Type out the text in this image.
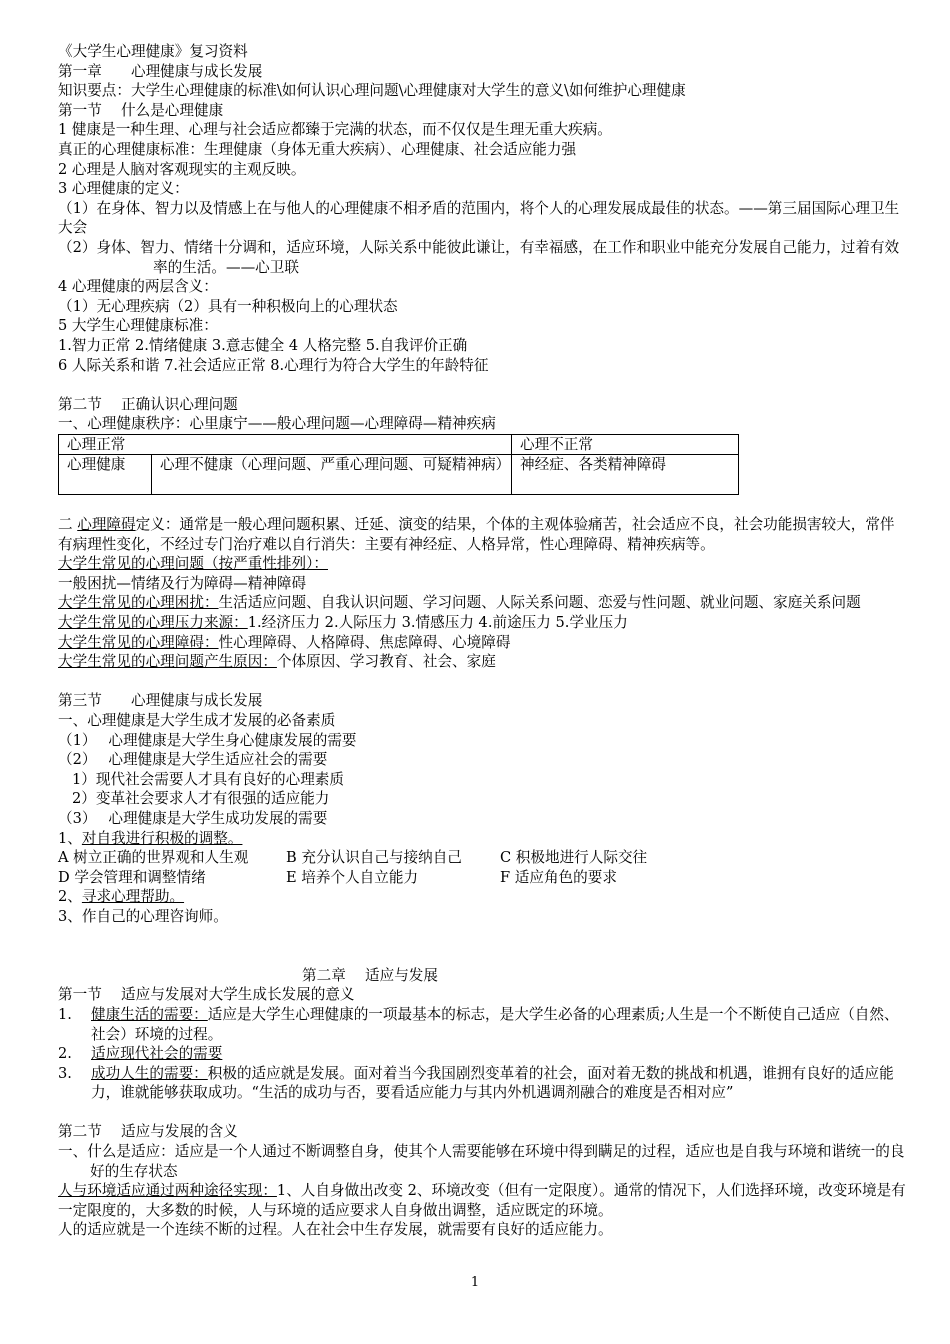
《大学生心理健康》复习资料
第一章　　心理健康与成长发展
知识要点：大学生心理健康的标准\如何认识心理问题\心理健康对大学生的意义\如何维护心理健康
第一节　 什么是心理健康
1 健康是一种生理、心理与社会适应都臻于完满的状态，而不仅仅是生理无重大疾病。
真正的心理健康标准：生理健康（身体无重大疾病）、心理健康、社会适应能力强
2 心理是人脑对客观现实的主观反映。
3 心理健康的定义：
（1）在身体、智力以及情感上在与他人的心理健康不相矛盾的范围内，将个人的心理发展成最佳的状态。——第三届国际心理卫生大会
（2）身体、智力、情绪十分调和，适应环境，人际关系中能彼此谦让，有幸福感，在工作和职业中能充分发展自己能力，过着有效率的生活。——心卫联
4 心理健康的两层含义：
（1）无心理疾病（2）具有一种积极向上的心理状态
5 大学生心理健康标准：
1.智力正常 2.情绪健康 3.意志健全 4 人格完整 5.自我评价正确
6 人际关系和谐 7.社会适应正常 8.心理行为符合大学生的年龄特征
第二节　 正确认识心理问题
一、心理健康秩序：心里康宁——般心理问题—心理障碍—精神疾病
心理正常		心理不正常
心理健康	心理不健康（心理问题、严重心理问题、可疑精神病）	神经症、各类精神障碍
二 心理障碍定义：通常是一般心理问题积累、迁延、演变的结果，个体的主观体验痛苦，社会适应不良，社会功能损害较大，常伴有病理性变化，不经过专门治疗难以自行消失：主要有神经症、人格异常，性心理障碍、精神疾病等。
大学生常见的心理问题（按严重性排列）：
一般困扰—情绪及行为障碍—精神障碍
大学生常见的心理困扰：生活适应问题、自我认识问题、学习问题、人际关系问题、恋爱与性问题、就业问题、家庭关系问题
大学生常见的心理压力来源：1.经济压力 2.人际压力 3.情感压力 4.前途压力 5.学业压力
大学生常见的心理障碍：性心理障碍、人格障碍、焦虑障碍、心境障碍
大学生常见的心理问题产生原因：个体原因、学习教育、社会、家庭
第三节　　心理健康与成长发展
一、心理健康是大学生成才发展的必备素质
（1）　 心理健康是大学生身心健康发展的需要
（2）　 心理健康是大学生适应社会的需要
1）现代社会需要人才具有良好的心理素质
2）变革社会要求人才有很强的适应能力
（3）　 心理健康是大学生成功发展的需要
1、对自我进行积极的调整。
A 树立正确的世界观和人生观	B 充分认识自己与接纳自己	C 积极地进行人际交往
D 学会管理和调整情绪	E 培养个人自立能力	F 适应角色的要求
2、寻求心理帮助。
3、作自己的心理咨询师。
第二章　 适应与发展
第一节　 适应与发展对大学生成长发展的意义
1.	健康生活的需要：适应是大学生心理健康的一项最基本的标志，是大学生必备的心理素质;人生是一个不断使自己适应（自然、社会）环境的过程。
2.	适应现代社会的需要
3.	成功人生的需要：积极的适应就是发展。面对着当今我国剧烈变革着的社会，面对着无数的挑战和机遇，谁拥有良好的适应能力，谁就能够获取成功。“生活的成功与否，要看适应能力与其内外机遇调剂融合的难度是否相对应”
第二节　 适应与发展的含义
一、什么是适应：适应是一个人通过不断调整自身，使其个人需要能够在环境中得到瞒足的过程，适应也是自我与环境和谐统一的良好的生存状态
人与环境适应通过两种途径实现：1、人自身做出改变 2、环境改变（但有一定限度）。通常的情况下，人们选择环境，改变环境是有一定限度的，大多数的时候，人与环境的适应要求人自身做出调整，适应既定的环境。
人的适应就是一个连续不断的过程。人在社会中生存发展，就需要有良好的适应能力。
1
